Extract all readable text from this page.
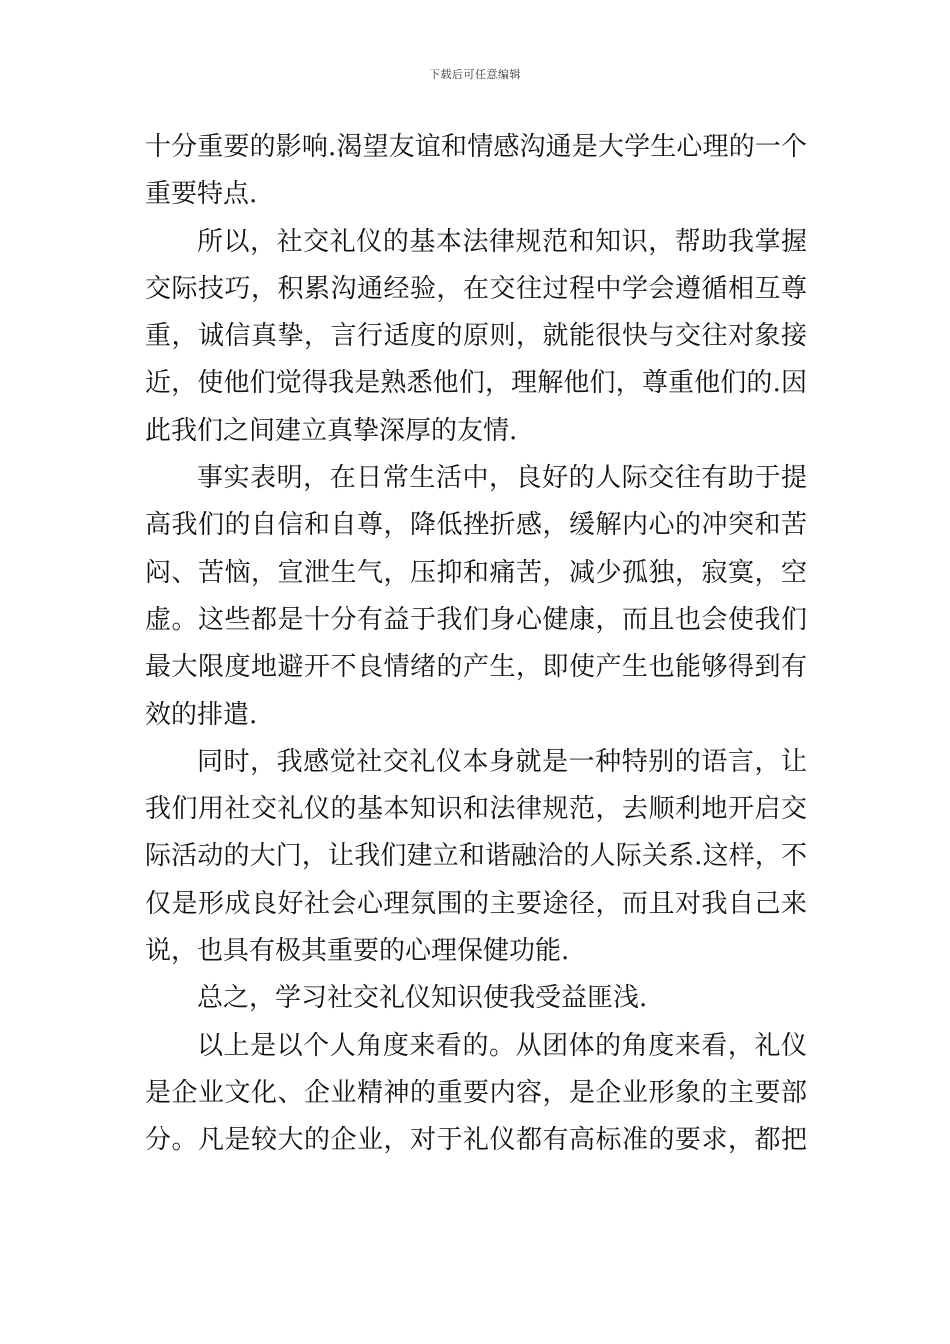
下载后可任意编辑
十分重要的影响.渴望友谊和情感沟通是大学生心理的一个
重要特点.
所以，社交礼仪的基本法律规范和知识，帮助我掌握
交际技巧，积累沟通经验，在交往过程中学会遵循相互尊
重，诚信真挚，言行适度的原则，就能很快与交往对象接
近，使他们觉得我是熟悉他们，理解他们，尊重他们的.因
此我们之间建立真挚深厚的友情.
事实表明，在日常生活中，良好的人际交往有助于提
高我们的自信和自尊，降低挫折感，缓解内心的冲突和苦
闷、苦恼，宣泄生气，压抑和痛苦，减少孤独，寂寞，空
虚。这些都是十分有益于我们身心健康，而且也会使我们
最大限度地避开不良情绪的产生，即使产生也能够得到有
效的排遣.
同时，我感觉社交礼仪本身就是一种特别的语言，让
我们用社交礼仪的基本知识和法律规范，去顺利地开启交
际活动的大门，让我们建立和谐融洽的人际关系.这样，不
仅是形成良好社会心理氛围的主要途径，而且对我自己来
说，也具有极其重要的心理保健功能.
总之，学习社交礼仪知识使我受益匪浅.
以上是以个人角度来看的。从团体的角度来看，礼仪
是企业文化、企业精神的重要内容，是企业形象的主要部
分。凡是较大的企业，对于礼仪都有高标准的要求，都把
